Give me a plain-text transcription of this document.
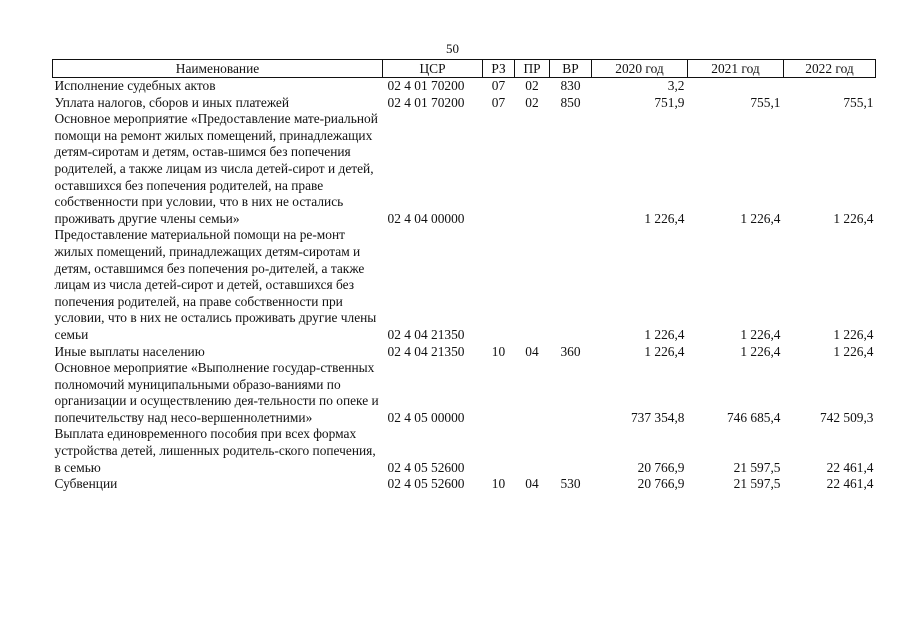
50
Наименование	ЦСР	РЗ	ПР	ВР	2020 год	2021 год	2022 год
Исполнение судебных актов	02 4 01 70200	07	02	830	3,2		
Уплата налогов, сборов и иных платежей	02 4 01 70200	07	02	850	751,9	755,1	755,1
Основное мероприятие «Предоставление мате-риальной помощи на ремонт жилых помещений, принадлежащих детям-сиротам и детям, остав-шимся без попечения родителей, а также лицам из числа детей-сирот и детей, оставшихся без попечения родителей, на праве собственности при условии, что в них не остались проживать другие члены семьи»	02 4 04 00000				1 226,4	1 226,4	1 226,4
Предоставление материальной помощи на ре-монт жилых помещений, принадлежащих детям-сиротам и детям, оставшимся без попечения ро-дителей, а также лицам из числа детей-сирот и детей, оставшихся без попечения родителей, на праве собственности при условии, что в них не остались проживать другие члены семьи	02 4 04 21350				1 226,4	1 226,4	1 226,4
Иные выплаты населению	02 4 04 21350	10	04	360	1 226,4	1 226,4	1 226,4
Основное мероприятие «Выполнение государ-ственных полномочий муниципальными образо-ваниями по организации и осуществлению дея-тельности по опеке и попечительству над несо-вершеннолетними»	02 4 05 00000				737 354,8	746 685,4	742 509,3
Выплата единовременного пособия при всех формах устройства детей, лишенных родитель-ского попечения, в семью	02 4 05 52600				20 766,9	21 597,5	22 461,4
Субвенции	02 4 05 52600	10	04	530	20 766,9	21 597,5	22 461,4
